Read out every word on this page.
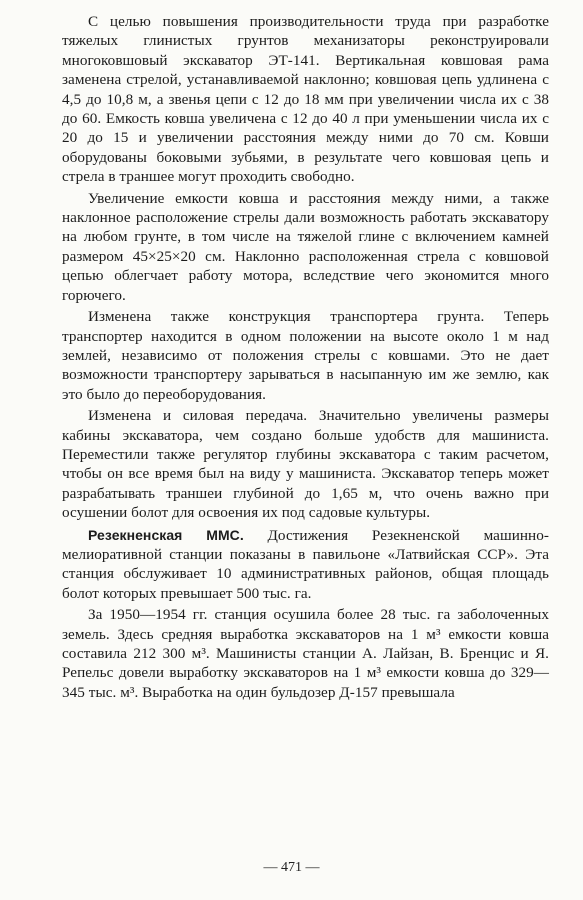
С целью повышения производительности труда при разработке тяжелых глинистых грунтов механизаторы реконструировали многоковшовый экскаватор ЭТ-141. Вертикальная ковшовая рама заменена стрелой, устанавливаемой наклонно; ковшовая цепь удлинена с 4,5 до 10,8 м, а звенья цепи с 12 до 18 мм при увеличении числа их с 38 до 60. Емкость ковша увеличена с 12 до 40 л при уменьшении числа их с 20 до 15 и увеличении расстояния между ними до 70 см. Ковши оборудованы боковыми зубьями, в результате чего ковшовая цепь и стрела в траншее могут проходить свободно.

Увеличение емкости ковша и расстояния между ними, а также наклонное расположение стрелы дали возможность работать экскаватору на любом грунте, в том числе на тяжелой глине с включением камней размером 45×25×20 см. Наклонно расположенная стрела с ковшовой цепью облегчает работу мотора, вследствие чего экономится много горючего.

Изменена также конструкция транспортера грунта. Теперь транспортер находится в одном положении на высоте около 1 м над землей, независимо от положения стрелы с ковшами. Это не дает возможности транспортеру зарываться в насыпанную им же землю, как это было до переоборудования.

Изменена и силовая передача. Значительно увеличены размеры кабины экскаватора, чем создано больше удобств для машиниста. Переместили также регулятор глубины экскаватора с таким расчетом, чтобы он все время был на виду у машиниста. Экскаватор теперь может разрабатывать траншеи глубиной до 1,65 м, что очень важно при осушении болот для освоения их под садовые культуры.

Резекненская ММС. Достижения Резекненской машинно-мелиоративной станции показаны в павильоне «Латвийская ССР». Эта станция обслуживает 10 административных районов, общая площадь болот которых превышает 500 тыс. га.

За 1950—1954 гг. станция осушила более 28 тыс. га заболоченных земель. Здесь средняя выработка экскаваторов на 1 м³ емкости ковша составила 212 300 м³. Машинисты станции А. Лайзан, В. Бренцис и Я. Репельс довели выработку экскаваторов на 1 м³ емкости ковша до 329—345 тыс. м³. Выработка на один бульдозер Д-157 превышала

— 471 —
